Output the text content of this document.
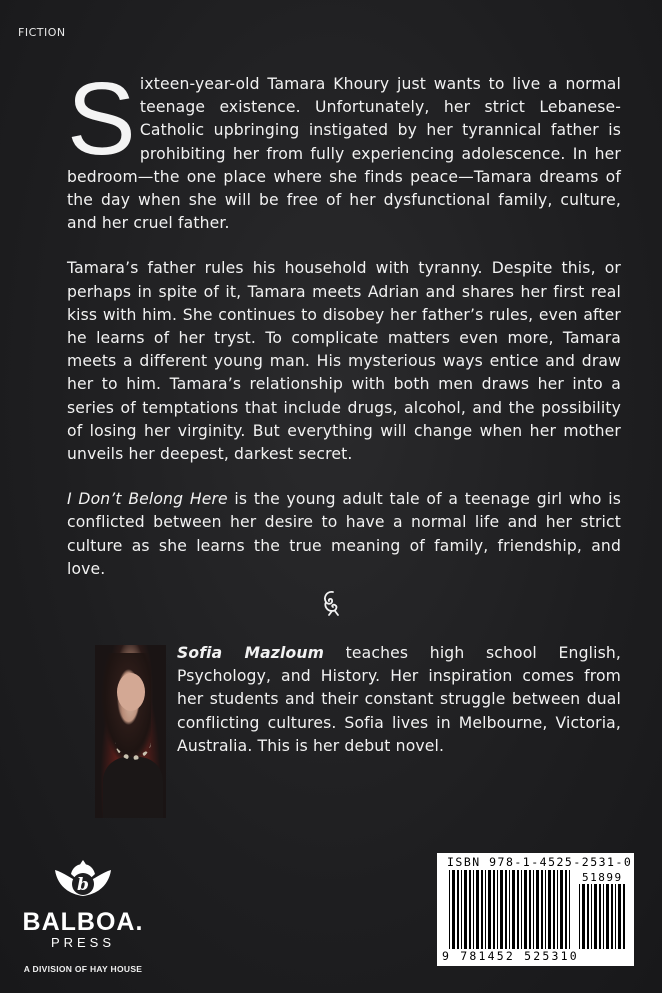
FICTION

Sixteen-year-old Tamara Khoury just wants to live a normal teenage existence. Unfortunately, her strict Lebanese-Catholic upbringing instigated by her tyrannical father is prohibiting her from fully experiencing adolescence. In her bedroom—the one place where she finds peace—Tamara dreams of the day when she will be free of her dysfunctional family, culture, and her cruel father.

Tamara’s father rules his household with tyranny. Despite this, or perhaps in spite of it, Tamara meets Adrian and shares her first real kiss with him. She continues to disobey her father’s rules, even after he learns of her tryst. To complicate matters even more, Tamara meets a different young man. His mysterious ways entice and draw her to him. Tamara’s relationship with both men draws her into a series of temptations that include drugs, alcohol, and the possibility of losing her virginity. But everything will change when her mother unveils her deepest, darkest secret.

I Don’t Belong Here is the young adult tale of a teenage girl who is conflicted between her desire to have a normal life and her strict culture as she learns the true meaning of family, friendship, and love.

Sofia Mazloum teaches high school English, Psychology, and History. Her inspiration comes from her students and their constant struggle between dual conflicting cultures. Sofia lives in Melbourne, Victoria, Australia. This is her debut novel.
b
BALBOA.
PRESS
A DIVISION OF HAY HOUSE
ISBN 978-1-4525-2531-0
51899
9 781452 525310
